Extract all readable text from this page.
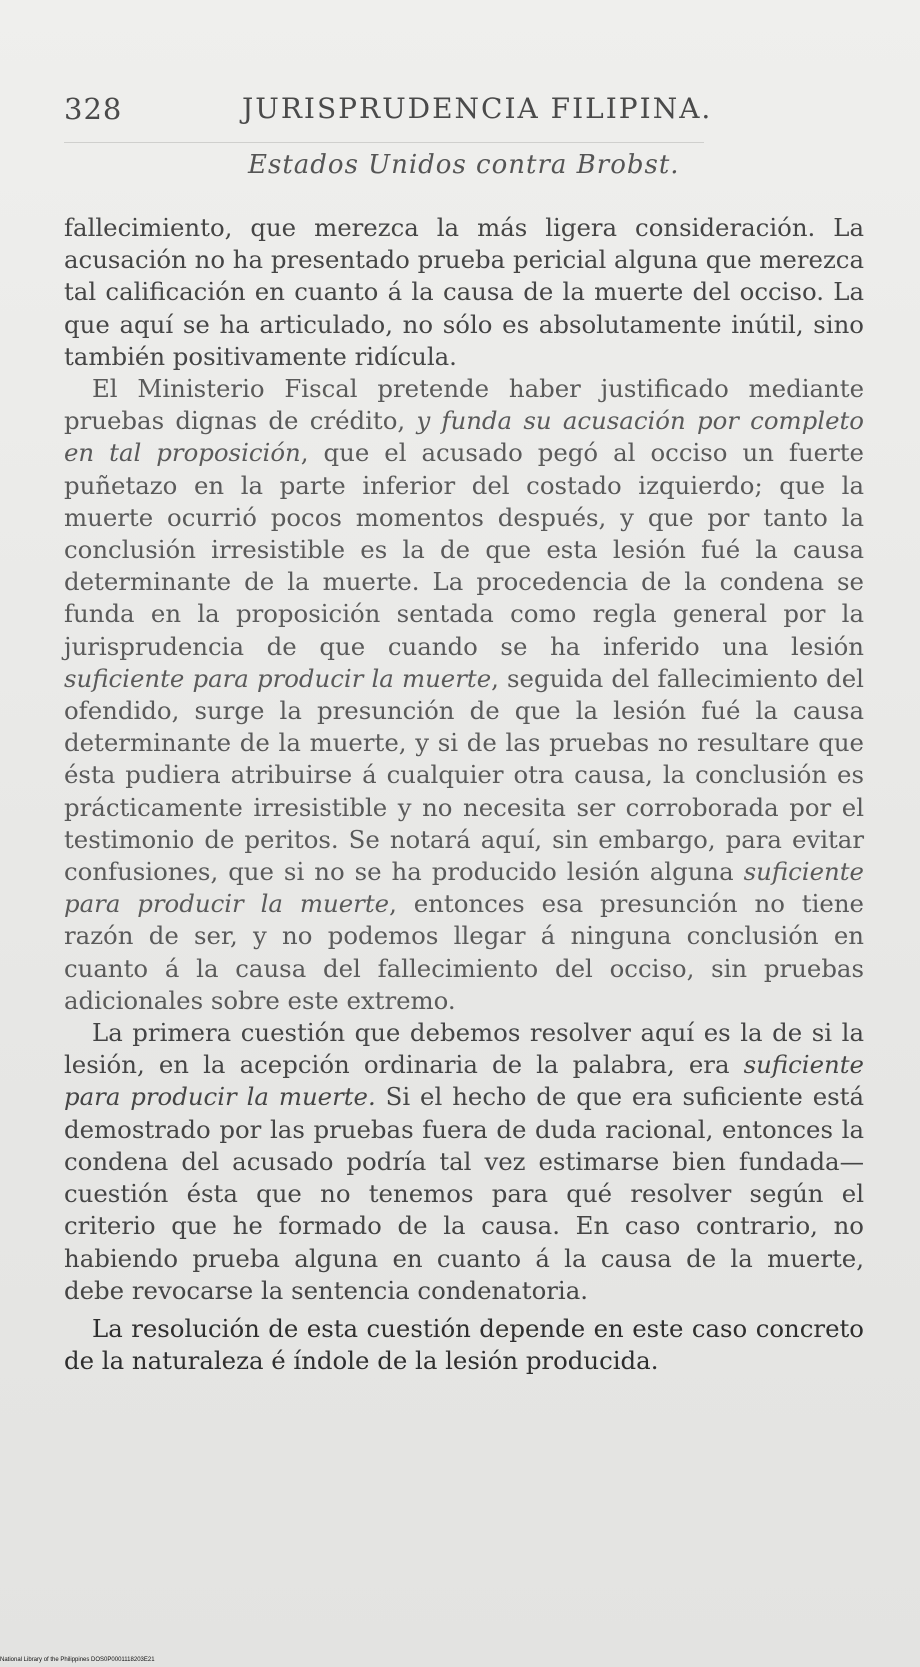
328	JURISPRUDENCIA FILIPINA.
Estados Unidos contra Brobst.

fallecimiento, que merezca la más ligera consideración. La acusación no ha presentado prueba pericial alguna que merezca tal calificación en cuanto á la causa de la muerte del occiso. La que aquí se ha articulado, no sólo es absolutamente inútil, sino también positivamente ridícula.

El Ministerio Fiscal pretende haber justificado mediante pruebas dignas de crédito, y funda su acusación por completo en tal proposición, que el acusado pegó al occiso un fuerte puñetazo en la parte inferior del costado izquierdo; que la muerte ocurrió pocos momentos después, y que por tanto la conclusión irresistible es la de que esta lesión fué la causa determinante de la muerte. La procedencia de la condena se funda en la proposición sentada como regla general por la jurisprudencia de que cuando se ha inferido una lesión suficiente para producir la muerte, seguida del fallecimiento del ofendido, surge la presunción de que la lesión fué la causa determinante de la muerte, y si de las pruebas no resultare que ésta pudiera atribuirse á cualquier otra causa, la conclusión es prácticamente irresistible y no necesita ser corroborada por el testimonio de peritos. Se notará aquí, sin embargo, para evitar confusiones, que si no se ha producido lesión alguna suficiente para producir la muerte, entonces esa presunción no tiene razón de ser, y no podemos llegar á ninguna conclusión en cuanto á la causa del fallecimiento del occiso, sin pruebas adicionales sobre este extremo.

La primera cuestión que debemos resolver aquí es la de si la lesión, en la acepción ordinaria de la palabra, era suficiente para producir la muerte. Si el hecho de que era suficiente está demostrado por las pruebas fuera de duda racional, entonces la condena del acusado podría tal vez estimarse bien fundada—cuestión ésta que no tenemos para qué resolver según el criterio que he formado de la causa. En caso contrario, no habiendo prueba alguna en cuanto á la causa de la muerte, debe revocarse la sentencia condenatoria.

La resolución de esta cuestión depende en este caso concreto de la naturaleza é índole de la lesión producida.

National Library of the Philippines DOS0P0001118203E21
